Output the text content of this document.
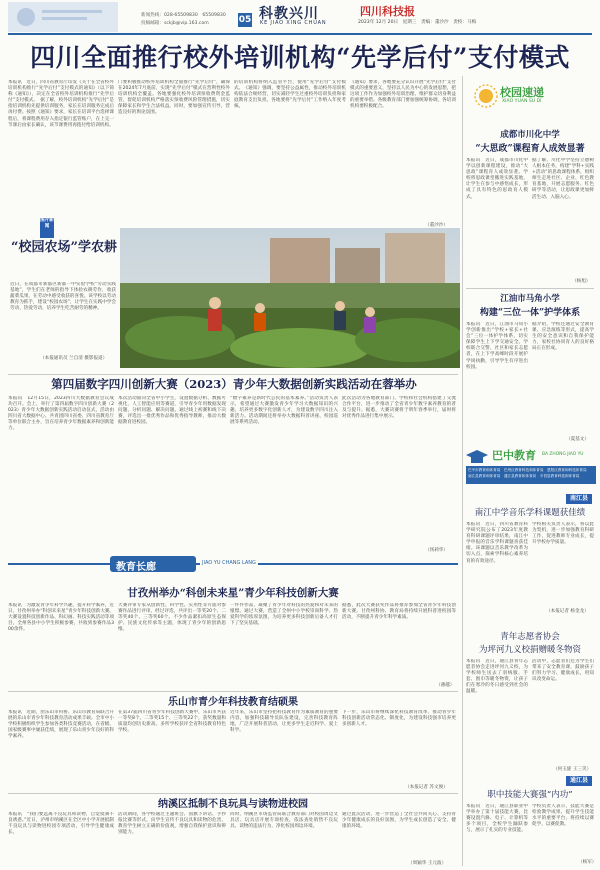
新闻热线：028-65509830　65509830
投稿邮箱：sckjb@vip.163.com	05 科教兴川
KE JIAO XING CHUAN
四川科技报
2023年 12月 20日　星期三　责编：董沙沙　责校：马梅
四川全面推行校外培训机构“先学后付”支付模式
本报讯　近日，四川省教育厅印发《关于在全省校外培训机构推行“先学后付”支付模式的通知》（以下简称《通知》），决定在全省校外培训机构推行“先学后付”支付模式。　据了解，校外培训机构“先学后付”是指培训机构先提供培训服务，家长在培训服务完成后再付费。按照《通知》要求，家长在培训平台选择课程后，将课程费用存入指定银行监管账户，在上完一节课后由家长确认，该节课费用再拨付给培训机构。
门要积极推动校外培训机构全面推行“先学后付”，确保在2024年7月底前，实现“先学后付”模式在营利性校外培训机构全覆盖。各地要强化校外培训预收费资金监管，督促培训机构严格落实预收费风险管理措施，切实保障家长和学生合法权益。同时，要加强宣传引导，营造良好的舆论氛围。
的培训机构将纳入监管平台，使用“先学后付”支付模式。　《通知》强调，要坚持公益属性，推动校外培训机构依法合规经营，切实减轻学生过重校外培训负担和家庭教育支出负担。各地要将“先学后付”工作纳入年度考核。
《通知》要求，各地要充分认识开展“先学后付”支付模式的重要意义，坚持以人民为中心的发展思想，把这项工作作为加强校外培训治理、维护群众切身利益的重要举措。各级教育部门要加强统筹协调，各培训机构要积极配合。
（董沙沙）
图片新闻
“校园农场”学农耕
近日，在成都市新都区新都一中实验学校“劳动实践基地”，学生们在老师的指导下体验农耕劳作，收获蔬菜瓜果，在劳动中感受收获的喜悦。该学校以劳动教育为抓手，建设“校园农场”，让学生在实践中学会劳动、热爱劳动，培养学生吃苦耐劳的精神。
（本报通讯员 兰自清 摄影报道）
第四届数字四川创新大赛（2023）青少年大数据创新实践活动在蓉举办
本报讯　12月15日，2023四川大数据教育会议成功召开。会上，举行了第四届数字四川创新大赛（2023）青少年大数据创新实践活动启动仪式，活动由四川省大数据中心、共青团四川省委、四川省教育厅等单位联合主办，旨在培养青少年数据素养和创新能力。
本次活动面向全省中小学生，设置数据分析、数据可视化、人工智能应用等赛道，引导青少年用数据发现问题、分析问题、解决问题。通过线上初赛和线下决赛，评选出一批优秀作品和优秀指导教师，推动大数据教育进校园。
“数字素养是新时代公民的基本素养。”活动负责人表示，希望通过大赛激发青少年学习大数据知识的兴趣，培养更多数字化创新人才，为建设数字四川注入新活力。活动期间还将举办大数据科普讲座、校园巡展等系列活动。
此次活动为各地教育部门、学校和社会机构搭建了交流合作平台，进一步推动了全省青少年数字素养教育的普及与提升。据悉，大赛决赛将于明年春季举行，届时将对优秀作品进行集中展示。
（汤莉华）
教育长廊	JIAO YU CHANG LANG
甘孜州举办“科创未来星”青少年科技创新大赛
本报讯　为激发青少年科学兴趣，提升科学素养，近日，甘孜州举办“科创未来星”青少年科技创新大赛。大赛设置科技创新作品、科幻画、科技实践活动等项目，全州各县中小学生积极参赛，共收到参赛作品300余件。
大赛评审专家从创新性、科学性、实用性等方面对参赛作品进行评审。经过评选，共评出一等奖20个、二等奖40个、三等奖60个。不少作品紧扣高原生态保护、民族文化传承等主题，体现了青少年的创新思维。
一件件作品，凝聚了青少年对科技的热爱和对未来的憧憬。通过大赛，营造了全州中小学校崇尚科学、热爱科学的浓厚氛围，为培养更多科技创新后备人才打下了坚实基础。
据悉，此次大赛获奖作品将推荐参加全省青少年科技创新大赛。甘孜州科协、教育局将持续开展科普进校园等活动，不断提升青少年科学素质。
（薄越）
乐山市青少年科技教育结硕果
本报讯　近期，由乐山市科协、乐山市教育局联合开展的乐山市青少年科技教育活动成果丰硕。全市中小学校积极组织学生参加各类科技竞赛活动，在省级、国家级赛事中屡获佳绩，展现了乐山青少年良好的科学素养。
在第37届四川省青少年科技创新大赛中，乐山市共获一等奖8个、二等奖15个、三等奖22个，获奖数量和质量均创历史新高。多所学校获评全省科技教育特色学校。
近年来，乐山市坚持把科技教育作为素质教育的重要内容，加强科技辅导员队伍建设，完善科技教育阵地，广泛开展科普活动，让更多学生走近科学、爱上科学。
下一步，乐山市将继续深化科技教育改革，推动青少年科技创新活动常态化、制度化，为建设科技强市培养更多创新人才。
（本报记者 苏文俊）
纳溪区抵制不良玩具与读物进校园
本报讯　“我们要远离不良玩具和读物，自觉抵制不良诱惑。”近日，泸州市纳溪区在全区中小学开展抵制不良玩具与读物进校园专项活动，引导学生健康成长。
活动期间，各学校通过主题班会、国旗下讲话、手抄报比赛等形式，向学生宣传不良玩具和读物的危害，教育学生树立正确的价值观，增强自我保护意识和辨别能力。
同时，纳溪区市场监管局联合教育部门对校园周边文具店、玩具店开展专项检查，依法查处销售不良玩具、读物的违法行为，净化校园周边环境。
通过此次活动，进一步营造了全社会共同关心、支持青少年健康成长的良好氛围，为学生成长创造了安全、健康的环境。
（周颖华 王元波）
校园速递
XIAO YUAN SU DI
成都市川化中学
“大思政”课程育人成效显著
本报讯　近日，成都市川化中学以创新课程建设，推动“大思政”课程育人成效显著。学校将思政课堂搬进实践基地，让学生在参与中感悟成长，形成了具有特色的思政育人模式。
据了解，川化中学坚持立德树人根本任务，构建“学科+实践+活动”的思政课程体系，组织师生走进社区、企业、红色教育基地，开展志愿服务、红色研学等活动，让思政课更加鲜活生动、入脑入心。
（杨旭）
江油市马角小学
构建“三位一体”护学体系
本报讯　近日，江油市马角小学创新推出“学校+家长+社会”三位一体护学体系，切实保障学生上下学交通安全。学校联合交警、社区和家长志愿者，在上下学高峰时段开展护学岗执勤，引导学生有序进出校园。
据介绍，学校还通过安全教育课、应急演练等形式，提高学生的安全意识和自我保护能力，家校社协同育人的良好格局正在形成。
（夏基文）
巴中教育 BA ZHONG JIAO YU
巴中市教育和体育局　巴州区教育科技和体育局　恩阳区教育和科技体育局
南江县教育和体育局　通江县教育和体育局　平昌县教育科技和体育局
南江县
南江中学音乐学科课题获佳绩
本报讯　近日，四川省教育科学研究院公布了2023年度教育科研课题评审结果，南江中学申报的音乐学科课题喜获佳绩。该课题以音乐教学改革为切入点，探索学科核心素养培育的有效途径。
学校相关负责人表示，将以此为契机，进一步加强教育科研工作，促进教师专业成长，提升学校办学质量。
（本报记者 杨金龙）
青年志愿者协会
为坪河九义校捐赠暖冬物资
本报讯　近日，通江县青年志愿者协会走进坪河九义校，为学校师生送去了羽绒服、手套、围巾等暖冬物资，让孩子们在寒冷的冬日感受到社会的温暖。
活动中，志愿者们还为学生们带来了安全教育课，鼓励孩子们努力学习、健康成长，用知识改变命运。
（何玉旋 王三笑）
通江县
职中技能大赛强“内功”
本报讯　近日，通江县职业中学举办了第十届技能大赛，比赛设置汽修、电子、计算机等多个项目，全校学生踊跃参与，展示了扎实的专业技能。
学校负责人表示，技能大赛是检验教学成果、提升学生技能水平的重要平台，将持续以赛促学、以赛促教。
（杨军）
